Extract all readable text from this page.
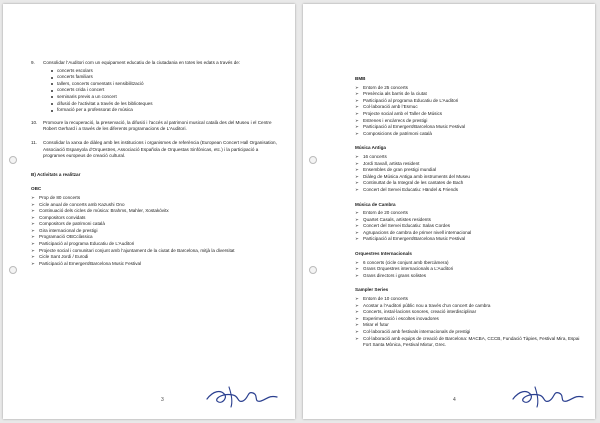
9. Consolidar l’Auditori com un equipament educatiu de la ciutadania en totes les edats a través de:
concerts escolars
concerts familiars
tallers, concerts comentats i sensibilització
concerts crida i concert
seminaris previs a un concert
difusió de l’activitat a través de les biblioteques
formació per a professorat de música
10. Promoure la recuperació, la preservació, la difusió i l’accés al patrimoni musical català des del Museu i el Centre Robert Gerhard i a través de les diferents programacions de L’Auditori.
11. Consolidar la xarxa de diàleg amb les institucions i organismes de referència (European Concert Hall Organisation, Associació Espanyola d’Orquestres, Associació Española de Orquestas Sinfónicas, etc.) i la participació a programes europeus de creació cultural.
B) Activitats a realitzar
OBC
➢ Prop de 80 concerts
➢ Cicle anual de concerts amb Kazushi Ono
➢ Continuació dels cicles de música: Brahms, Mahler, Xostakóvitx
➢ Compositors convidats
➢ Compositors de patrimoni català
➢ Gira internacional de prestigi
➢ Programació OBCclàssica
➢ Participació al programa Educatiu de L’Auditori
➢ Projecte social i comunitari conjunt amb l’ajuntament de la ciutat de Barcelona, mitjà la diversitat
➢ Cicle Sant Jordi / Eurodi
➢ Participació al Emergent/Barcelona Music Festival
3
BMB
➢ Entorn de 25 concerts
➢ Presència als barris de la ciutat
➢ Participació al programa Educatiu de L’Auditori
➢ Col·laboració amb l’Esmuc
➢ Projecte social amb el Taller de Músics
➢ Estrenes i encàrrecs de prestigi
➢ Participació al Emergent/Barcelona Music Festival
➢ Composicions de patrimoni català
Música Antiga
➢ 16 concerts
➢ Jordi Savall, artista resident
➢ Ensembles de gran prestigi mundial
➢ Diàleg de Música Antiga amb instruments del Museu
➢ Continuïtat de la Integral de les cantates de Bach
➢ Concert del Servei Educatiu: Händel & Friends
Música de Cambra
➢ Entorn de 20 concerts
➢ Quartet Casals, artistes residents
➢ Concert del Servei Educatiu: Salas Cordes
➢ Agrupacions de cambra de primer nivell internacional
➢ Participació al Emergent/Barcelona Music Festival
Orquestres Internacionals
➢ 6 concerts (cicle conjunt amb Ibercàmera)
➢ Grans Orquestres internacionals a L’Auditori
➢ Grans directors i grans solistes
Sampler Series
➢ Entorn de 10 concerts
➢ Acostar a l’Auditori públic nou a través d’un concert de cambra
➢ Concerts, instal·lacions sonores, creació interdisciplinar
➢ Experimentació i escoltes inovadores
➢ Mirar el futur
➢ Col·laboració amb festivals internacionals de prestigi
➢ Col·laboració amb equips de creació de Barcelona: MACBA, CCCB, Fundació Tàpies, Festival Mira, Espai Fort Santa Mònica, Festival Mixtur, Grec.
4
